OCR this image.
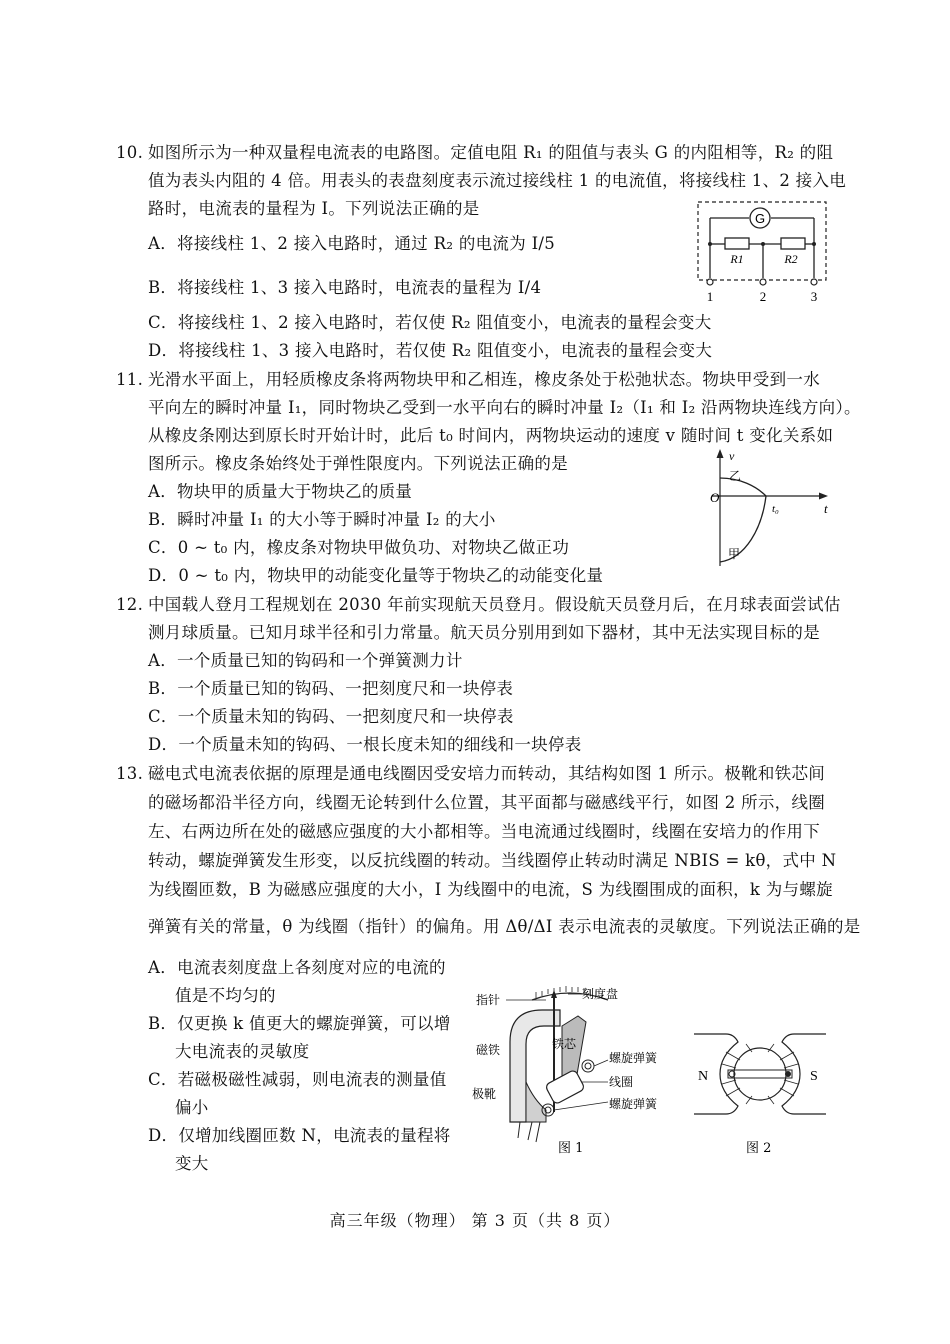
10. 如图所示为一种双量程电流表的电路图。定值电阻 R₁ 的阻值与表头 G 的内阻相等，R₂ 的阻
值为表头内阻的 4 倍。用表头的表盘刻度表示流过接线柱 1 的电流值，将接线柱 1、2 接入电
路时，电流表的量程为 I。下列说法正确的是
A．将接线柱 1、2 接入电路时，通过 R₂ 的电流为 I/5
B．将接线柱 1、3 接入电路时，电流表的量程为 I/4
C．将接线柱 1、2 接入电路时，若仅使 R₂ 阻值变小，电流表的量程会变大
D．将接线柱 1、3 接入电路时，若仅使 R₂ 阻值变小，电流表的量程会变大
G
R1	R2
1	2	3
11. 光滑水平面上，用轻质橡皮条将两物块甲和乙相连，橡皮条处于松弛状态。物块甲受到一水
平向左的瞬时冲量 I₁，同时物块乙受到一水平向右的瞬时冲量 I₂（I₁ 和 I₂ 沿两物块连线方向）。
从橡皮条刚达到原长时开始计时，此后 t₀ 时间内，两物块运动的速度 v 随时间 t 变化关系如
图所示。橡皮条始终处于弹性限度内。下列说法正确的是
A．物块甲的质量大于物块乙的质量
B．瞬时冲量 I₁ 的大小等于瞬时冲量 I₂ 的大小
C．0 ~ t₀ 内，橡皮条对物块甲做负功、对物块乙做正功
D．0 ~ t₀ 内，物块甲的动能变化量等于物块乙的动能变化量
v
t
O
t₀
乙
甲
12. 中国载人登月工程规划在 2030 年前实现航天员登月。假设航天员登月后，在月球表面尝试估
测月球质量。已知月球半径和引力常量。航天员分别用到如下器材，其中无法实现目标的是
A．一个质量已知的钩码和一个弹簧测力计
B．一个质量已知的钩码、一把刻度尺和一块停表
C．一个质量未知的钩码、一把刻度尺和一块停表
D．一个质量未知的钩码、一根长度未知的细线和一块停表
13. 磁电式电流表依据的原理是通电线圈因受安培力而转动，其结构如图 1 所示。极靴和铁芯间
的磁场都沿半径方向，线圈无论转到什么位置，其平面都与磁感线平行，如图 2 所示，线圈
左、右两边所在处的磁感应强度的大小都相等。当电流通过线圈时，线圈在安培力的作用下
转动，螺旋弹簧发生形变，以反抗线圈的转动。当线圈停止转动时满足 NBIS = kθ，式中 N
为线圈匝数，B 为磁感应强度的大小，I 为线圈中的电流，S 为线圈围成的面积，k 为与螺旋
弹簧有关的常量，θ 为线圈（指针）的偏角。用 Δθ/ΔI 表示电流表的灵敏度。下列说法正确的是
A．电流表刻度盘上各刻度对应的电流的
值是不均匀的
B．仅更换 k 值更大的螺旋弹簧，可以增
大电流表的灵敏度
C．若磁极磁性减弱，则电流表的测量值
偏小
D．仅增加线圈匝数 N，电流表的量程将
变大
指针	刻度盘
磁铁	铁芯
螺旋弹簧
线圈
极靴
螺旋弹簧
图 1
N	S
图 2
高三年级（物理） 第 3 页（共 8 页）
